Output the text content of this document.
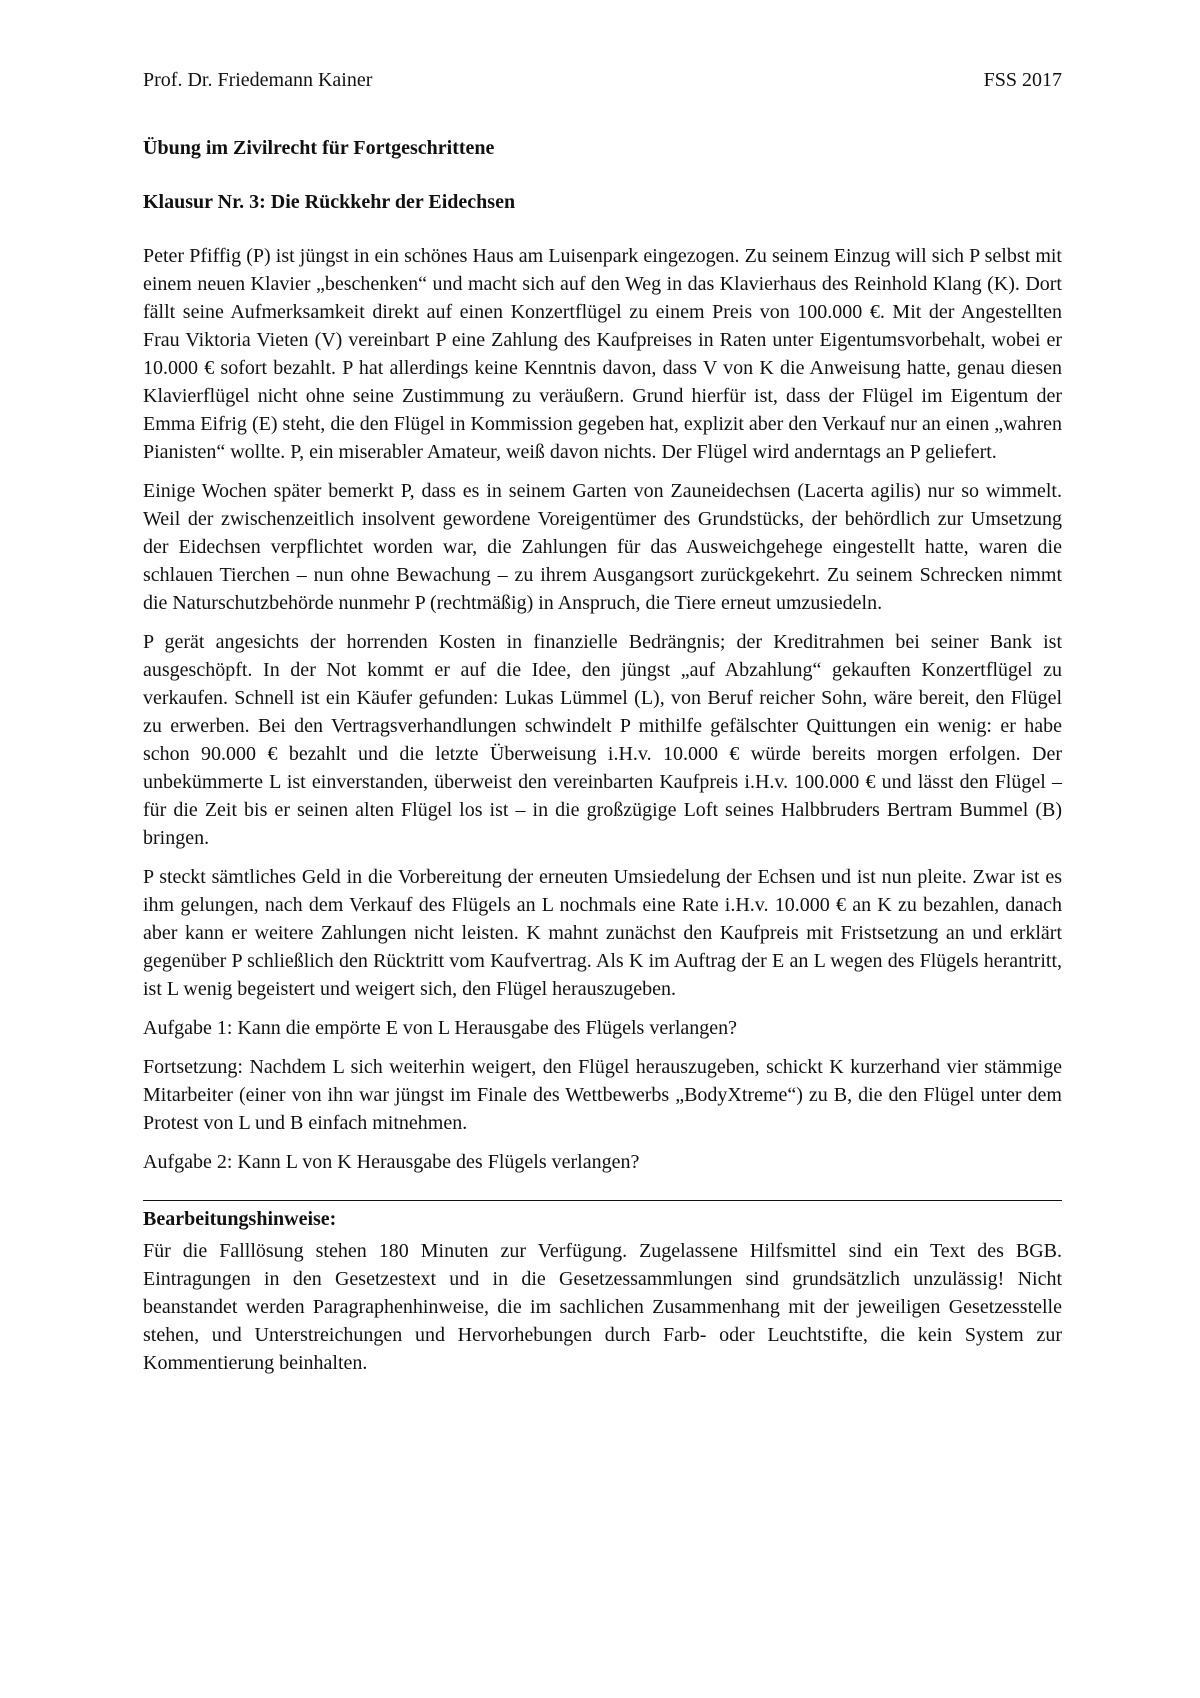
Prof. Dr. Friedemann Kainer	FSS 2017
Übung im Zivilrecht für Fortgeschrittene
Klausur Nr. 3: Die Rückkehr der Eidechsen

Peter Pfiffig (P) ist jüngst in ein schönes Haus am Luisenpark eingezogen. Zu seinem Einzug will sich P selbst mit einem neuen Klavier „beschenken“ und macht sich auf den Weg in das Klavierhaus des Reinhold Klang (K). Dort fällt seine Aufmerksamkeit direkt auf einen Konzertflügel zu einem Preis von 100.000 €. Mit der Angestellten Frau Viktoria Vieten (V) vereinbart P eine Zahlung des Kaufpreises in Raten unter Eigentumsvorbehalt, wobei er 10.000 € sofort bezahlt. P hat allerdings keine Kenntnis davon, dass V von K die Anweisung hatte, genau diesen Klavierflügel nicht ohne seine Zustimmung zu veräußern. Grund hierfür ist, dass der Flügel im Eigentum der Emma Eifrig (E) steht, die den Flügel in Kommission gegeben hat, explizit aber den Verkauf nur an einen „wahren Pianisten“ wollte. P, ein miserabler Amateur, weiß davon nichts. Der Flügel wird anderntags an P geliefert.

Einige Wochen später bemerkt P, dass es in seinem Garten von Zauneidechsen (Lacerta agilis) nur so wimmelt. Weil der zwischenzeitlich insolvent gewordene Voreigentümer des Grundstücks, der behördlich zur Umsetzung der Eidechsen verpflichtet worden war, die Zahlungen für das Ausweichgehege eingestellt hatte, waren die schlauen Tierchen – nun ohne Bewachung – zu ihrem Ausgangsort zurückgekehrt. Zu seinem Schrecken nimmt die Naturschutzbehörde nunmehr P (rechtmäßig) in Anspruch, die Tiere erneut umzusiedeln.

P gerät angesichts der horrenden Kosten in finanzielle Bedrängnis; der Kreditrahmen bei seiner Bank ist ausgeschöpft. In der Not kommt er auf die Idee, den jüngst „auf Abzahlung“ gekauften Konzertflügel zu verkaufen. Schnell ist ein Käufer gefunden: Lukas Lümmel (L), von Beruf reicher Sohn, wäre bereit, den Flügel zu erwerben. Bei den Vertragsverhandlungen schwindelt P mithilfe gefälschter Quittungen ein wenig: er habe schon 90.000 € bezahlt und die letzte Überweisung i.H.v. 10.000 € würde bereits morgen erfolgen. Der unbekümmerte L ist einverstanden, überweist den vereinbarten Kaufpreis i.H.v. 100.000 € und lässt den Flügel – für die Zeit bis er seinen alten Flügel los ist – in die großzügige Loft seines Halbbruders Bertram Bummel (B) bringen.

P steckt sämtliches Geld in die Vorbereitung der erneuten Umsiedelung der Echsen und ist nun pleite. Zwar ist es ihm gelungen, nach dem Verkauf des Flügels an L nochmals eine Rate i.H.v. 10.000 € an K zu bezahlen, danach aber kann er weitere Zahlungen nicht leisten. K mahnt zunächst den Kaufpreis mit Fristsetzung an und erklärt gegenüber P schließlich den Rücktritt vom Kaufvertrag. Als K im Auftrag der E an L wegen des Flügels herantritt, ist L wenig begeistert und weigert sich, den Flügel herauszugeben.

Aufgabe 1: Kann die empörte E von L Herausgabe des Flügels verlangen?

Fortsetzung: Nachdem L sich weiterhin weigert, den Flügel herauszugeben, schickt K kurzerhand vier stämmige Mitarbeiter (einer von ihn war jüngst im Finale des Wettbewerbs „BodyXtreme“) zu B, die den Flügel unter dem Protest von L und B einfach mitnehmen.

Aufgabe 2: Kann L von K Herausgabe des Flügels verlangen?

Bearbeitungshinweise:

Für die Falllösung stehen 180 Minuten zur Verfügung. Zugelassene Hilfsmittel sind ein Text des BGB. Eintragungen in den Gesetzestext und in die Gesetzessammlungen sind grundsätzlich unzulässig! Nicht beanstandet werden Paragraphenhinweise, die im sachlichen Zusammenhang mit der jeweiligen Gesetzesstelle stehen, und Unterstreichungen und Hervorhebungen durch Farb- oder Leuchtstifte, die kein System zur Kommentierung beinhalten.
